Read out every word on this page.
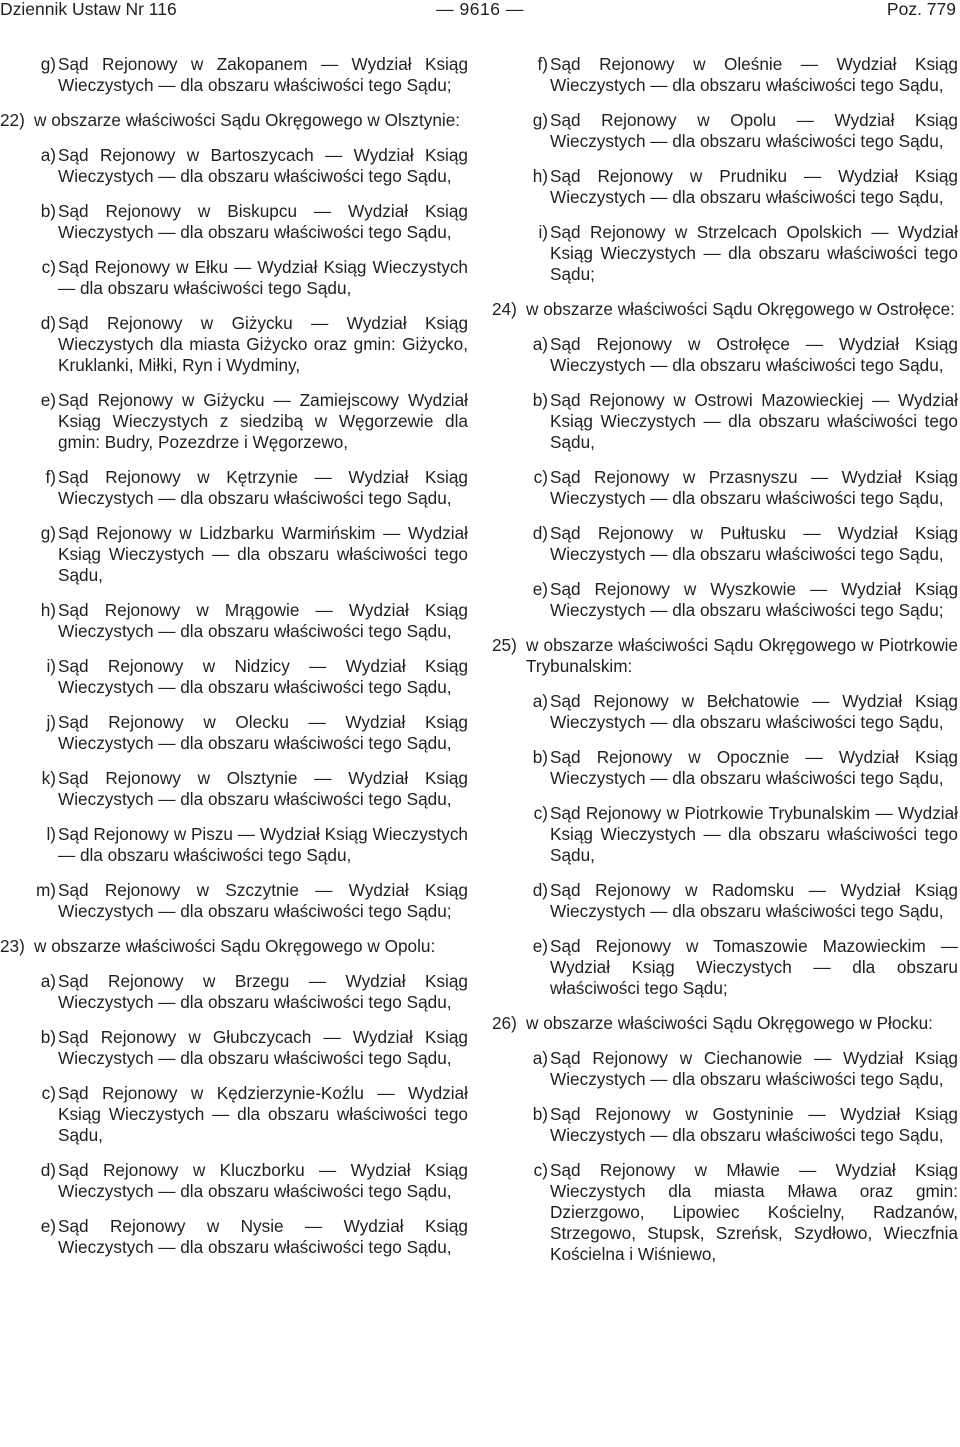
Dziennik Ustaw Nr 116	— 9616 —	Poz. 779
g) Sąd Rejonowy w Zakopanem — Wydział Ksiąg Wieczystych — dla obszaru właściwości tego Sądu;
22) w obszarze właściwości Sądu Okręgowego w Olsztynie:
a) Sąd Rejonowy w Bartoszycach — Wydział Ksiąg Wieczystych — dla obszaru właściwości tego Sądu,
b) Sąd Rejonowy w Biskupcu — Wydział Ksiąg Wieczystych — dla obszaru właściwości tego Sądu,
c) Sąd Rejonowy w Ełku — Wydział Ksiąg Wieczystych — dla obszaru właściwości tego Sądu,
d) Sąd Rejonowy w Giżycku — Wydział Ksiąg Wieczystych dla miasta Giżycko oraz gmin: Giżycko, Kruklanki, Miłki, Ryn i Wydminy,
e) Sąd Rejonowy w Giżycku — Zamiejscowy Wydział Ksiąg Wieczystych z siedzibą w Węgorzewie dla gmin: Budry, Pozezdrze i Węgorzewo,
f) Sąd Rejonowy w Kętrzynie — Wydział Ksiąg Wieczystych — dla obszaru właściwości tego Sądu,
g) Sąd Rejonowy w Lidzbarku Warmińskim — Wydział Ksiąg Wieczystych — dla obszaru właściwości tego Sądu,
h) Sąd Rejonowy w Mrągowie — Wydział Ksiąg Wieczystych — dla obszaru właściwości tego Sądu,
i) Sąd Rejonowy w Nidzicy — Wydział Ksiąg Wieczystych — dla obszaru właściwości tego Sądu,
j) Sąd Rejonowy w Olecku — Wydział Ksiąg Wieczystych — dla obszaru właściwości tego Sądu,
k) Sąd Rejonowy w Olsztynie — Wydział Ksiąg Wieczystych — dla obszaru właściwości tego Sądu,
l) Sąd Rejonowy w Piszu — Wydział Ksiąg Wieczystych — dla obszaru właściwości tego Sądu,
m) Sąd Rejonowy w Szczytnie — Wydział Ksiąg Wieczystych — dla obszaru właściwości tego Sądu;
23) w obszarze właściwości Sądu Okręgowego w Opolu:
a) Sąd Rejonowy w Brzegu — Wydział Ksiąg Wieczystych — dla obszaru właściwości tego Sądu,
b) Sąd Rejonowy w Głubczycach — Wydział Ksiąg Wieczystych — dla obszaru właściwości tego Sądu,
c) Sąd Rejonowy w Kędzierzynie-Koźlu — Wydział Ksiąg Wieczystych — dla obszaru właściwości tego Sądu,
d) Sąd Rejonowy w Kluczborku — Wydział Ksiąg Wieczystych — dla obszaru właściwości tego Sądu,
e) Sąd Rejonowy w Nysie — Wydział Ksiąg Wieczystych — dla obszaru właściwości tego Sądu,
f) Sąd Rejonowy w Oleśnie — Wydział Ksiąg Wieczystych — dla obszaru właściwości tego Sądu,
g) Sąd Rejonowy w Opolu — Wydział Ksiąg Wieczystych — dla obszaru właściwości tego Sądu,
h) Sąd Rejonowy w Prudniku — Wydział Ksiąg Wieczystych — dla obszaru właściwości tego Sądu,
i) Sąd Rejonowy w Strzelcach Opolskich — Wydział Ksiąg Wieczystych — dla obszaru właściwości tego Sądu;
24) w obszarze właściwości Sądu Okręgowego w Ostrołęce:
a) Sąd Rejonowy w Ostrołęce — Wydział Ksiąg Wieczystych — dla obszaru właściwości tego Sądu,
b) Sąd Rejonowy w Ostrowi Mazowieckiej — Wydział Ksiąg Wieczystych — dla obszaru właściwości tego Sądu,
c) Sąd Rejonowy w Przasnyszu — Wydział Ksiąg Wieczystych — dla obszaru właściwości tego Sądu,
d) Sąd Rejonowy w Pułtusku — Wydział Ksiąg Wieczystych — dla obszaru właściwości tego Sądu,
e) Sąd Rejonowy w Wyszkowie — Wydział Ksiąg Wieczystych — dla obszaru właściwości tego Sądu;
25) w obszarze właściwości Sądu Okręgowego w Piotrkowie Trybunalskim:
a) Sąd Rejonowy w Bełchatowie — Wydział Ksiąg Wieczystych — dla obszaru właściwości tego Sądu,
b) Sąd Rejonowy w Opocznie — Wydział Ksiąg Wieczystych — dla obszaru właściwości tego Sądu,
c) Sąd Rejonowy w Piotrkowie Trybunalskim — Wydział Ksiąg Wieczystych — dla obszaru właściwości tego Sądu,
d) Sąd Rejonowy w Radomsku — Wydział Ksiąg Wieczystych — dla obszaru właściwości tego Sądu,
e) Sąd Rejonowy w Tomaszowie Mazowieckim — Wydział Ksiąg Wieczystych — dla obszaru właściwości tego Sądu;
26) w obszarze właściwości Sądu Okręgowego w Płocku:
a) Sąd Rejonowy w Ciechanowie — Wydział Ksiąg Wieczystych — dla obszaru właściwości tego Sądu,
b) Sąd Rejonowy w Gostyninie — Wydział Ksiąg Wieczystych — dla obszaru właściwości tego Sądu,
c) Sąd Rejonowy w Mławie — Wydział Ksiąg Wieczystych dla miasta Mława oraz gmin: Dzierzgowo, Lipowiec Kościelny, Radzanów, Strzegowo, Stupsk, Szreńsk, Szydłowo, Wieczfnia Kościelna i Wiśniewo,
